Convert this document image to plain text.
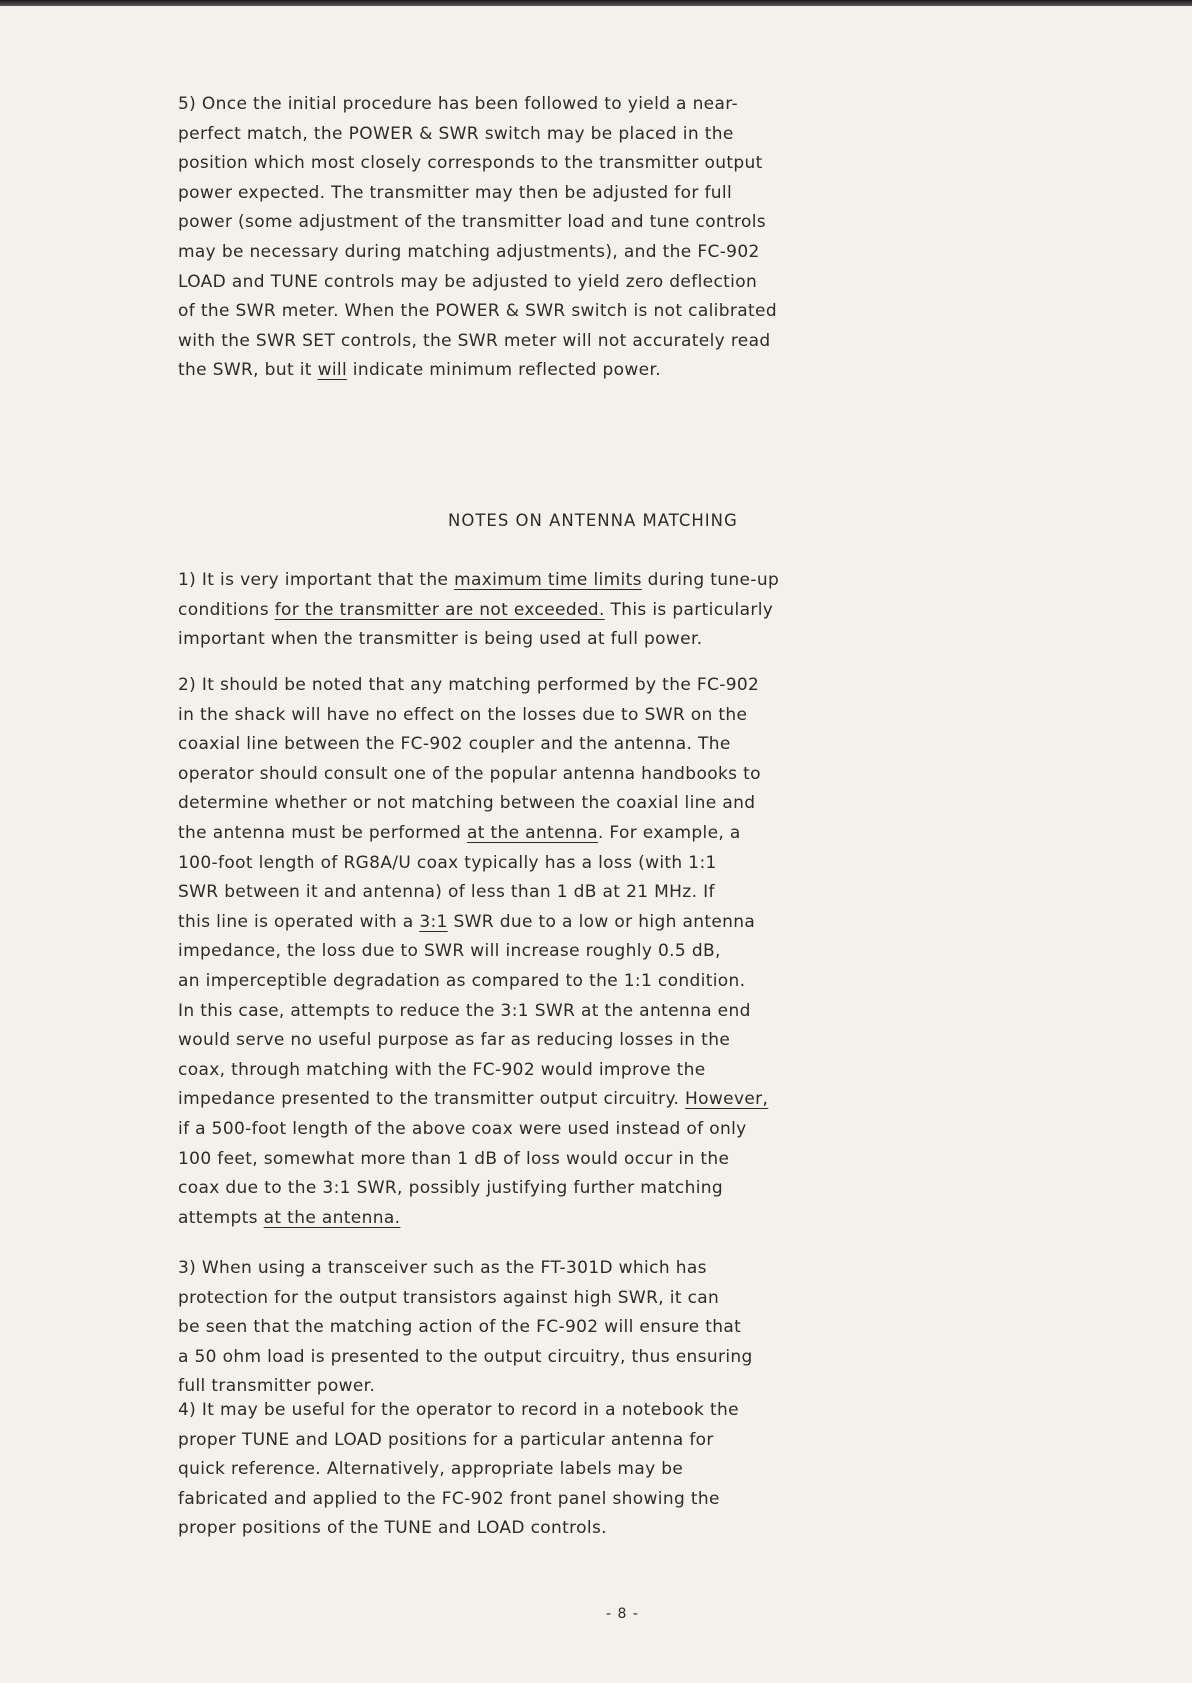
5) Once the initial procedure has been followed to yield a near-
perfect match, the POWER & SWR switch may be placed in the
position which most closely corresponds to the transmitter output
power expected. The transmitter may then be adjusted for full
power (some adjustment of the transmitter load and tune controls
may be necessary during matching adjustments), and the FC-902
LOAD and TUNE controls may be adjusted to yield zero deflection
of the SWR meter. When the POWER & SWR switch is not calibrated
with the SWR SET controls, the SWR meter will not accurately read
the SWR, but it will indicate minimum reflected power.

NOTES ON ANTENNA MATCHING

1) It is very important that the maximum time limits during tune-up
conditions for the transmitter are not exceeded. This is particularly
important when the transmitter is being used at full power.

2) It should be noted that any matching performed by the FC-902
in the shack will have no effect on the losses due to SWR on the
coaxial line between the FC-902 coupler and the antenna. The
operator should consult one of the popular antenna handbooks to
determine whether or not matching between the coaxial line and
the antenna must be performed at the antenna. For example, a
100-foot length of RG8A/U coax typically has a loss (with 1:1
SWR between it and antenna) of less than 1 dB at 21 MHz. If
this line is operated with a 3:1 SWR due to a low or high antenna
impedance, the loss due to SWR will increase roughly 0.5 dB,
an imperceptible degradation as compared to the 1:1 condition.
In this case, attempts to reduce the 3:1 SWR at the antenna end
would serve no useful purpose as far as reducing losses in the
coax, through matching with the FC-902 would improve the
impedance presented to the transmitter output circuitry. However,
if a 500-foot length of the above coax were used instead of only
100 feet, somewhat more than 1 dB of loss would occur in the
coax due to the 3:1 SWR, possibly justifying further matching
attempts at the antenna.

3) When using a transceiver such as the FT-301D which has
protection for the output transistors against high SWR, it can
be seen that the matching action of the FC-902 will ensure that
a 50 ohm load is presented to the output circuitry, thus ensuring
full transmitter power.

4) It may be useful for the operator to record in a notebook the
proper TUNE and LOAD positions for a particular antenna for
quick reference. Alternatively, appropriate labels may be
fabricated and applied to the FC-902 front panel showing the
proper positions of the TUNE and LOAD controls.

- 8 -
